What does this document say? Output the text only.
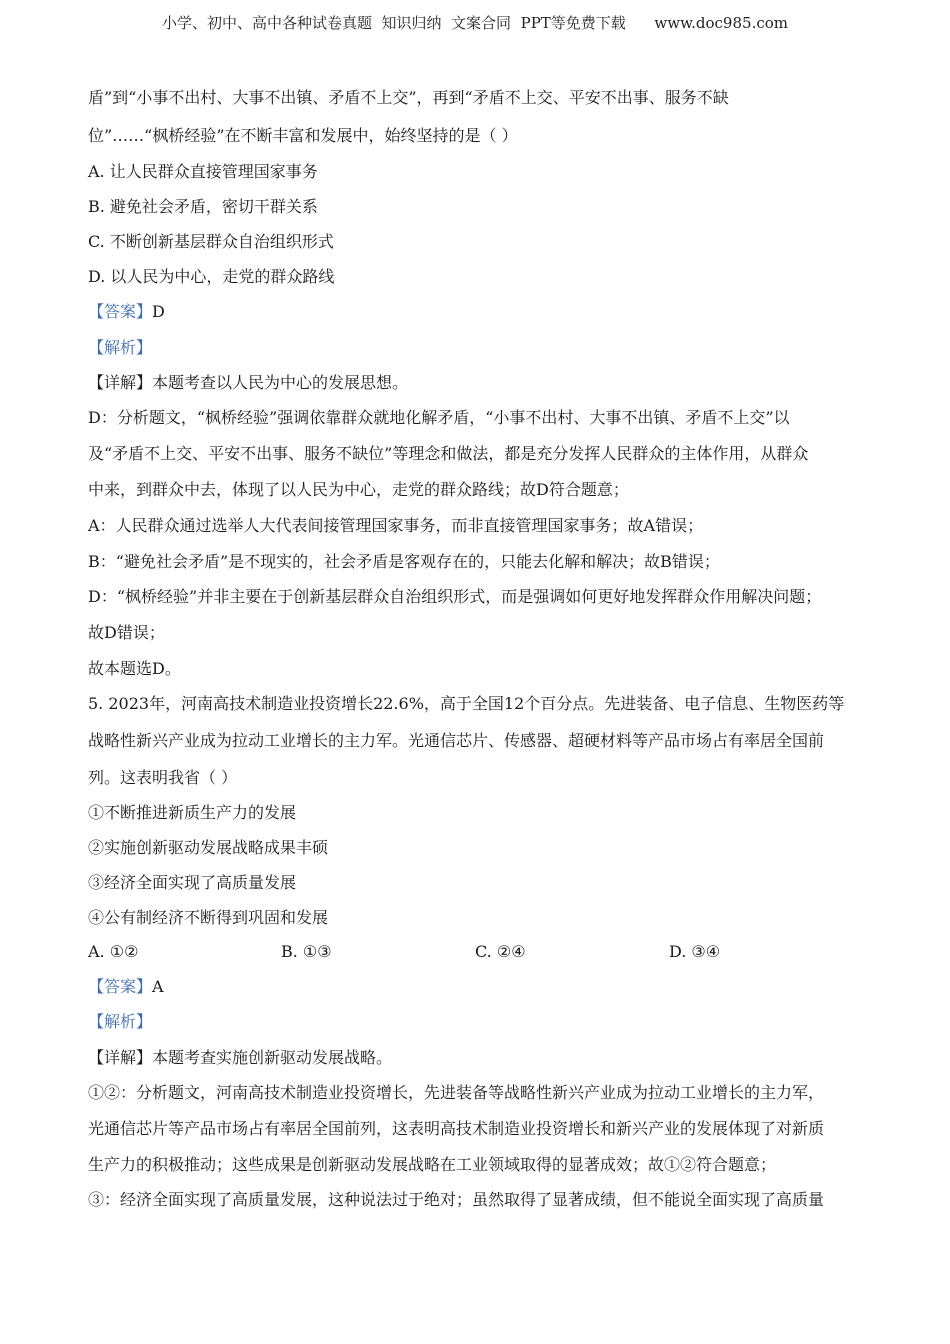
小学、初中、高中各种试卷真题  知识归纳  文案合同  PPT等免费下载      www.doc985.com
盾”到“小事不出村、大事不出镇、矛盾不上交”，再到“矛盾不上交、平安不出事、服务不缺
位”……“枫桥经验”在不断丰富和发展中，始终坚持的是（ ）
A. 让人民群众直接管理国家事务
B. 避免社会矛盾，密切干群关系
C. 不断创新基层群众自治组织形式
D. 以人民为中心，走党的群众路线
【答案】D
【解析】
【详解】本题考查以人民为中心的发展思想。
D：分析题文，“枫桥经验”强调依靠群众就地化解矛盾，“小事不出村、大事不出镇、矛盾不上交”以
及“矛盾不上交、平安不出事、服务不缺位”等理念和做法，都是充分发挥人民群众的主体作用，从群众
中来，到群众中去，体现了以人民为中心，走党的群众路线；故D符合题意；
A：人民群众通过选举人大代表间接管理国家事务，而非直接管理国家事务；故A错误；
B：“避免社会矛盾”是不现实的，社会矛盾是客观存在的，只能去化解和解决；故B错误；
D：“枫桥经验”并非主要在于创新基层群众自治组织形式，而是强调如何更好地发挥群众作用解决问题；
故D错误；
故本题选D。
5. 2023年，河南高技术制造业投资增长22.6%，高于全国12个百分点。先进装备、电子信息、生物医药等
战略性新兴产业成为拉动工业增长的主力军。光通信芯片、传感器、超硬材料等产品市场占有率居全国前
列。这表明我省（ ）
①不断推进新质生产力的发展
②实施创新驱动发展战略成果丰硕
③经济全面实现了高质量发展
④公有制经济不断得到巩固和发展
A. ①②	B. ①③	C. ②④	D. ③④
【答案】A
【解析】
【详解】本题考查实施创新驱动发展战略。
①②：分析题文，河南高技术制造业投资增长，先进装备等战略性新兴产业成为拉动工业增长的主力军，
光通信芯片等产品市场占有率居全国前列，这表明高技术制造业投资增长和新兴产业的发展体现了对新质
生产力的积极推动；这些成果是创新驱动发展战略在工业领域取得的显著成效；故①②符合题意；
③：经济全面实现了高质量发展，这种说法过于绝对；虽然取得了显著成绩，但不能说全面实现了高质量
